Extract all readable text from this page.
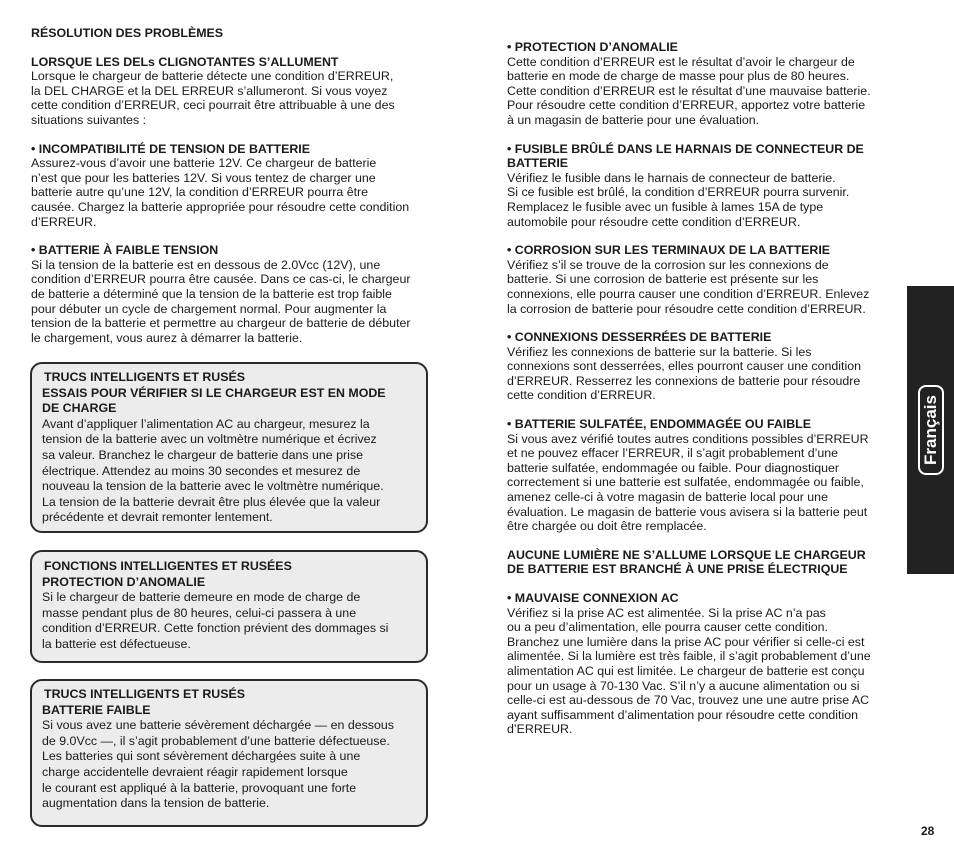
RÉSOLUTION DES PROBLÈMES

LORSQUE LES DELs CLIGNOTANTES S’ALLUMENT

Lorsque le chargeur de batterie détecte une condition d’ERREUR,
la DEL CHARGE et la DEL ERREUR s’allumeront. Si vous voyez
cette condition d’ERREUR, ceci pourrait être attribuable à une des
situations suivantes :

• INCOMPATIBILITÉ DE TENSION DE BATTERIE

Assurez-vous d’avoir une batterie 12V. Ce chargeur de batterie
n’est que pour les batteries 12V. Si vous tentez de charger une
batterie autre qu’une 12V, la condition d’ERREUR pourra être
causée. Chargez la batterie appropriée pour résoudre cette condition
d’ERREUR.

• BATTERIE À FAIBLE TENSION

Si la tension de la batterie est en dessous de 2.0Vcc (12V), une
condition d’ERREUR pourra être causée. Dans ce cas-ci, le chargeur
de batterie a déterminé que la tension de la batterie est trop faible
pour débuter un cycle de chargement normal. Pour augmenter la
tension de la batterie et permettre au chargeur de batterie de débuter
le chargement, vous aurez à démarrer la batterie.

TRUCS INTELLIGENTS ET RUSÉS

ESSAIS POUR VÉRIFIER SI LE CHARGEUR EST EN MODE
DE CHARGE

Avant d’appliquer l’alimentation AC au chargeur, mesurez la
tension de la batterie avec un voltmètre numérique et écrivez
sa valeur. Branchez le chargeur de batterie dans une prise
électrique. Attendez au moins 30 secondes et mesurez de
nouveau la tension de la batterie avec le voltmètre numérique.
La tension de la batterie devrait être plus élevée que la valeur
précédente et devrait remonter lentement.

FONCTIONS INTELLIGENTES ET RUSÉES

PROTECTION D’ANOMALIE

Si le chargeur de batterie demeure en mode de charge de
masse pendant plus de 80 heures, celui-ci passera à une
condition d’ERREUR. Cette fonction prévient des dommages si
la batterie est défectueuse.

TRUCS INTELLIGENTS ET RUSÉS

BATTERIE FAIBLE

Si vous avez une batterie sévèrement déchargée — en dessous
de 9.0Vcc —, il s’agit probablement d’une batterie défectueuse.
Les batteries qui sont sévèrement déchargées suite à une
charge accidentelle devraient réagir rapidement lorsque
le courant est appliqué à la batterie, provoquant une forte
augmentation dans la tension de batterie.

• PROTECTION D’ANOMALIE

Cette condition d’ERREUR est le résultat d’avoir le chargeur de
batterie en mode de charge de masse pour plus de 80 heures.
Cette condition d’ERREUR est le résultat d’une mauvaise batterie.
Pour résoudre cette condition d’ERREUR, apportez votre batterie
à un magasin de batterie pour une évaluation.

• FUSIBLE BRÛLÉ DANS LE HARNAIS DE CONNECTEUR DE
BATTERIE

Vérifiez le fusible dans le harnais de connecteur de batterie.
Si ce fusible est brûlé, la condition d’ERREUR pourra survenir.
Remplacez le fusible avec un fusible à lames 15A de type
automobile pour résoudre cette condition d’ERREUR.

• CORROSION SUR LES TERMINAUX DE LA BATTERIE

Vérifiez s’il se trouve de la corrosion sur les connexions de
batterie. Si une corrosion de batterie est présente sur les
connexions, elle pourra causer une condition d’ERREUR. Enlevez
la corrosion de batterie pour résoudre cette condition d’ERREUR.

• CONNEXIONS DESSERRÉES DE BATTERIE

Vérifiez les connexions de batterie sur la batterie. Si les
connexions sont desserrées, elles pourront causer une condition
d’ERREUR. Resserrez les connexions de batterie pour résoudre
cette condition d’ERREUR.

• BATTERIE SULFATÉE, ENDOMMAGÉE OU FAIBLE

Si vous avez vérifié toutes autres conditions possibles d’ERREUR
et ne pouvez effacer l’ERREUR, il s’agit probablement d’une
batterie sulfatée, endommagée ou faible. Pour diagnostiquer
correctement si une batterie est sulfatée, endommagée ou faible,
amenez celle-ci à votre magasin de batterie local pour une
évaluation. Le magasin de batterie vous avisera si la batterie peut
être chargée ou doit être remplacée.

AUCUNE LUMIÈRE NE S’ALLUME LORSQUE LE CHARGEUR
DE BATTERIE EST BRANCHÉ À UNE PRISE ÉLECTRIQUE

• MAUVAISE CONNEXION AC

Vérifiez si la prise AC est alimentée. Si la prise AC n’a pas
ou a peu d’alimentation, elle pourra causer cette condition.
Branchez une lumière dans la prise AC pour vérifier si celle-ci est
alimentée. Si la lumière est très faible, il s’agit probablement d’une
alimentation AC qui est limitée. Le chargeur de batterie est conçu
pour un usage à 70-130 Vac. S’il n’y a aucune alimentation ou si
celle-ci est au-dessous de 70 Vac, trouvez une une autre prise AC
ayant suffisamment d’alimentation pour résoudre cette condition
d’ERREUR.

Français
28
